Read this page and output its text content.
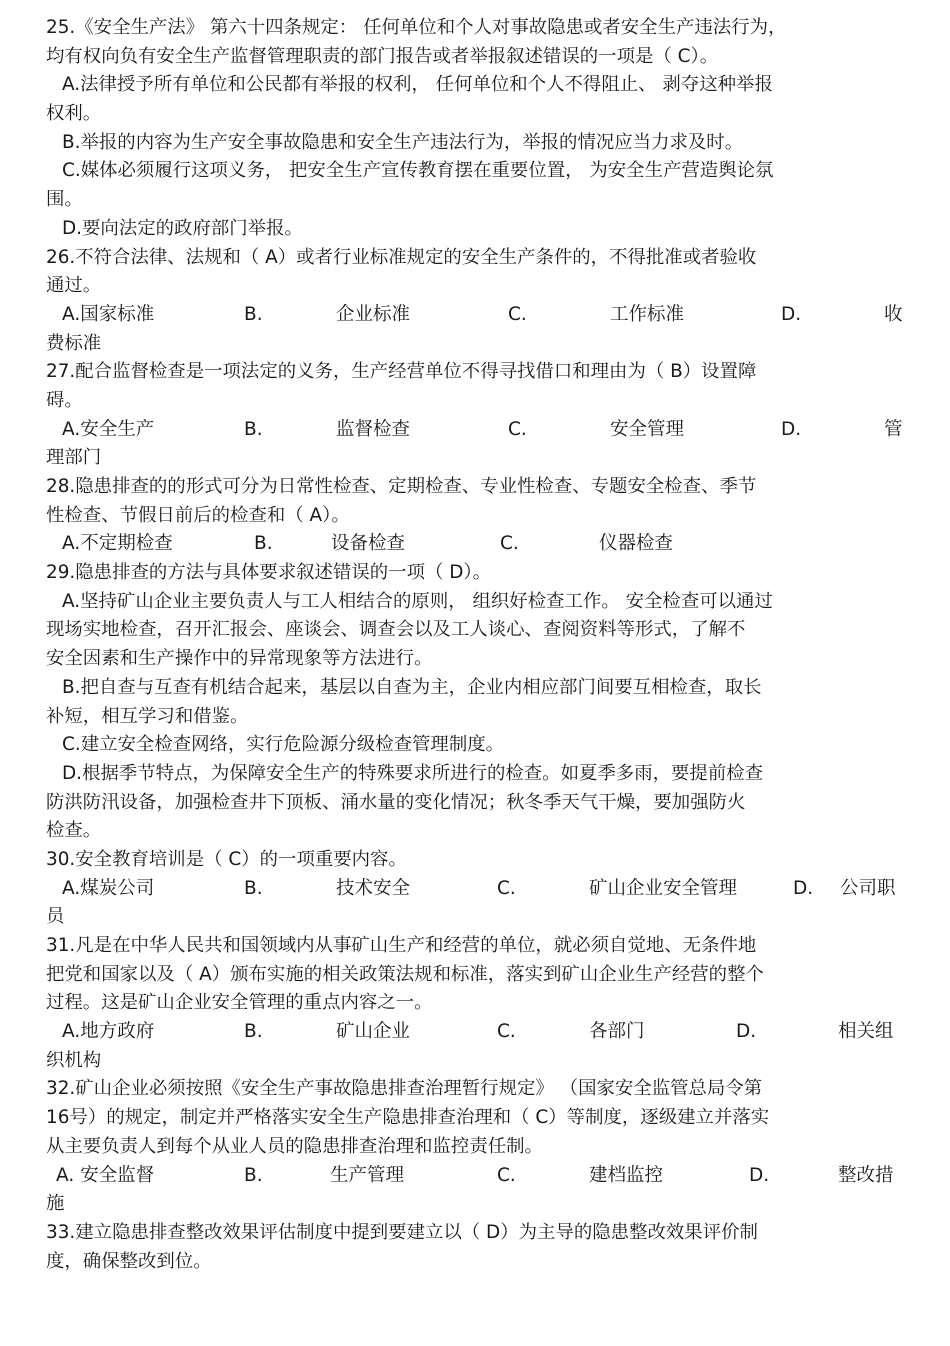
25.《安全生产法》 第六十四条规定： 任何单位和个人对事故隐患或者安全生产违法行为，
均有权向负有安全生产监督管理职责的部门报告或者举报叙述错误的一项是（ C）。
A.法律授予所有单位和公民都有举报的权利， 任何单位和个人不得阻止、 剥夺这种举报
权利。
B.举报的内容为生产安全事故隐患和安全生产违法行为，举报的情况应当力求及时。
C.媒体必须履行这项义务， 把安全生产宣传教育摆在重要位置， 为安全生产营造舆论氛
围。
D.要向法定的政府部门举报。
26.不符合法律、法规和（ A）或者行业标准规定的安全生产条件的，不得批准或者验收
通过。
A.国家标准	B.	企业标准	C.	工作标准	D.	收
费标准
27.配合监督检查是一项法定的义务，生产经营单位不得寻找借口和理由为（ B）设置障
碍。
A.安全生产	B.	监督检查	C.	安全管理	D.	管
理部门
28.隐患排查的的形式可分为日常性检查、定期检查、专业性检查、专题安全检查、季节
性检查、节假日前后的检查和（ A）。
A.不定期检查	B.	设备检查	C.	仪器检查
29.隐患排查的方法与具体要求叙述错误的一项（ D）。
A.坚持矿山企业主要负责人与工人相结合的原则， 组织好检查工作。 安全检查可以通过
现场实地检查，召开汇报会、座谈会、调查会以及工人谈心、查阅资料等形式，了解不
安全因素和生产操作中的异常现象等方法进行。
B.把自查与互查有机结合起来，基层以自查为主，企业内相应部门间要互相检查，取长
补短，相互学习和借鉴。
C.建立安全检查网络，实行危险源分级检查管理制度。
D.根据季节特点，为保障安全生产的特殊要求所进行的检查。如夏季多雨，要提前检查
防洪防汛设备，加强检查井下顶板、涌水量的变化情况；秋冬季天气干燥，要加强防火
检查。
30.安全教育培训是（ C）的一项重要内容。
A.煤炭公司	B.	技术安全	C.	矿山企业安全管理	D. 公司职
员
31.凡是在中华人民共和国领域内从事矿山生产和经营的单位，就必须自觉地、无条件地
把党和国家以及（ A）颁布实施的相关政策法规和标准，落实到矿山企业生产经营的整个
过程。这是矿山企业安全管理的重点内容之一。
A.地方政府	B.	矿山企业	C.	各部门	D.	相关组
织机构
32.矿山企业必须按照《安全生产事故隐患排查治理暂行规定》 （国家安全监管总局令第
16号）的规定，制定并严格落实安全生产隐患排查治理和（ C）等制度，逐级建立并落实
从主要负责人到每个从业人员的隐患排查治理和监控责任制。
A. 安全监督	B.	生产管理	C.	建档监控	D.	整改措
施
33.建立隐患排查整改效果评估制度中提到要建立以（ D）为主导的隐患整改效果评价制
度，确保整改到位。
